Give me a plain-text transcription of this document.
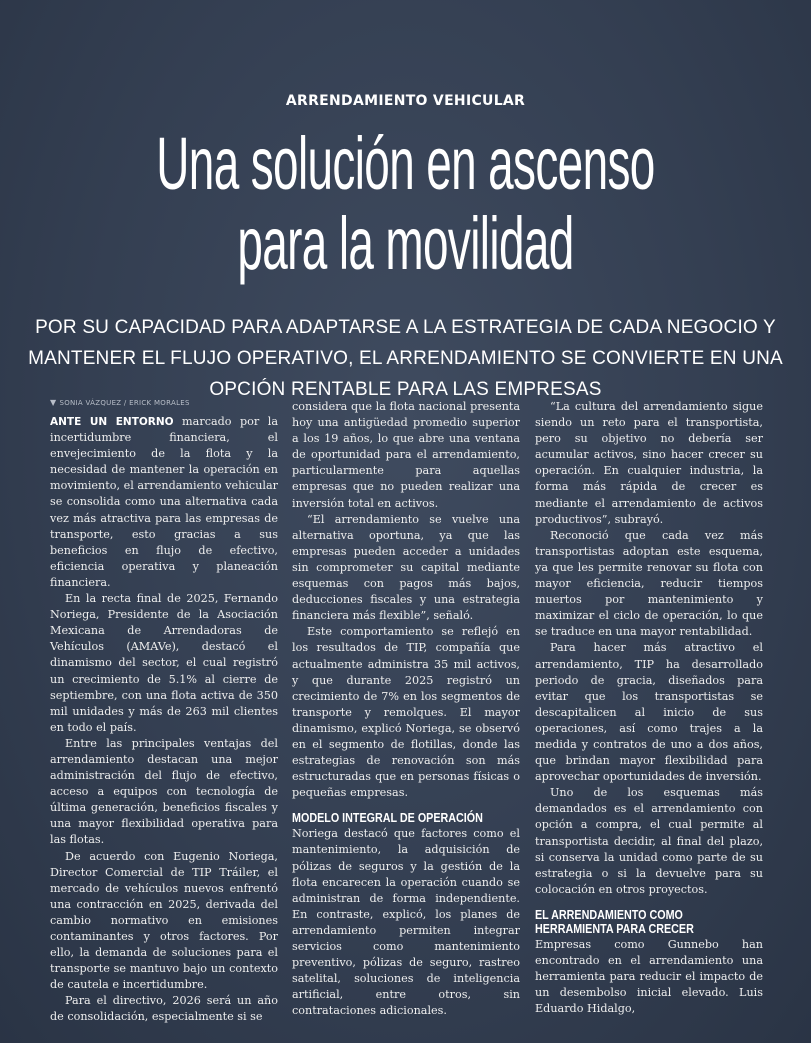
ARRENDAMIENTO VEHICULAR
Una solución en ascenso
para la movilidad
POR SU CAPACIDAD PARA ADAPTARSE A LA ESTRATEGIA DE CADA NEGOCIO Y MANTENER EL FLUJO OPERATIVO, EL ARRENDAMIENTO SE CONVIERTE EN UNA OPCIÓN RENTABLE PARA LAS EMPRESAS
▼ SONIA VÁZQUEZ / ERICK MORALES

ANTE UN ENTORNO marcado por la incertidumbre financiera, el envejecimiento de la flota y la necesidad de mantener la operación en movimiento, el arrendamiento vehicular se consolida como una alternativa cada vez más atractiva para las empresas de transporte, esto gracias a sus beneficios en flujo de efectivo, eficiencia operativa y planeación financiera.

En la recta final de 2025, Fernando Noriega, Presidente de la Asociación Mexicana de Arrendadoras de Vehículos (AMAVe), destacó el dinamismo del sector, el cual registró un crecimiento de 5.1% al cierre de septiembre, con una flota activa de 350 mil unidades y más de 263 mil clientes en todo el país.

Entre las principales ventajas del arrendamiento destacan una mejor administración del flujo de efectivo, acceso a equipos con tecnología de última generación, beneficios fiscales y una mayor flexibilidad operativa para las flotas.

De acuerdo con Eugenio Noriega, Director Comercial de TIP Tráiler, el mercado de vehículos nuevos enfrentó una contracción en 2025, derivada del cambio normativo en emisiones contaminantes y otros factores. Por ello, la demanda de soluciones para el transporte se mantuvo bajo un contexto de cautela e incertidumbre.

Para el directivo, 2026 será un año de consolidación, especialmente si se

considera que la flota nacional presenta hoy una antigüedad promedio superior a los 19 años, lo que abre una ventana de oportunidad para el arrendamiento, particularmente para aquellas empresas que no pueden realizar una inversión total en activos.

“El arrendamiento se vuelve una alternativa oportuna, ya que las empresas pueden acceder a unidades sin comprometer su capital mediante esquemas con pagos más bajos, deducciones fiscales y una estrategia financiera más flexible”, señaló.

Este comportamiento se reflejó en los resultados de TIP, compañía que actualmente administra 35 mil activos, y que durante 2025 registró un crecimiento de 7% en los segmentos de transporte y remolques. El mayor dinamismo, explicó Noriega, se observó en el segmento de flotillas, donde las estrategias de renovación son más estructuradas que en personas físicas o pequeñas empresas.

MODELO INTEGRAL DE OPERACIÓN

Noriega destacó que factores como el mantenimiento, la adquisición de pólizas de seguros y la gestión de la flota encarecen la operación cuando se administran de forma independiente. En contraste, explicó, los planes de arrendamiento permiten integrar servicios como mantenimiento preventivo, pólizas de seguro, rastreo satelital, soluciones de inteligencia artificial, entre otros, sin contrataciones adicionales.

“La cultura del arrendamiento sigue siendo un reto para el transportista, pero su objetivo no debería ser acumular activos, sino hacer crecer su operación. En cualquier industria, la forma más rápida de crecer es mediante el arrendamiento de activos productivos”, subrayó.

Reconoció que cada vez más transportistas adoptan este esquema, ya que les permite renovar su flota con mayor eficiencia, reducir tiempos muertos por mantenimiento y maximizar el ciclo de operación, lo que se traduce en una mayor rentabilidad.

Para hacer más atractivo el arrendamiento, TIP ha desarrollado periodo de gracia, diseñados para evitar que los transportistas se descapitalicen al inicio de sus operaciones, así como trajes a la medida y contratos de uno a dos años, que brindan mayor flexibilidad para aprovechar oportunidades de inversión.

Uno de los esquemas más demandados es el arrendamiento con opción a compra, el cual permite al transportista decidir, al final del plazo, si conserva la unidad como parte de su estrategia o si la devuelve para su colocación en otros proyectos.

EL ARRENDAMIENTO COMO
HERRAMIENTA PARA CRECER

Empresas como Gunnebo han encontrado en el arrendamiento una herramienta para reducir el impacto de un desembolso inicial elevado. Luis Eduardo Hidalgo,
